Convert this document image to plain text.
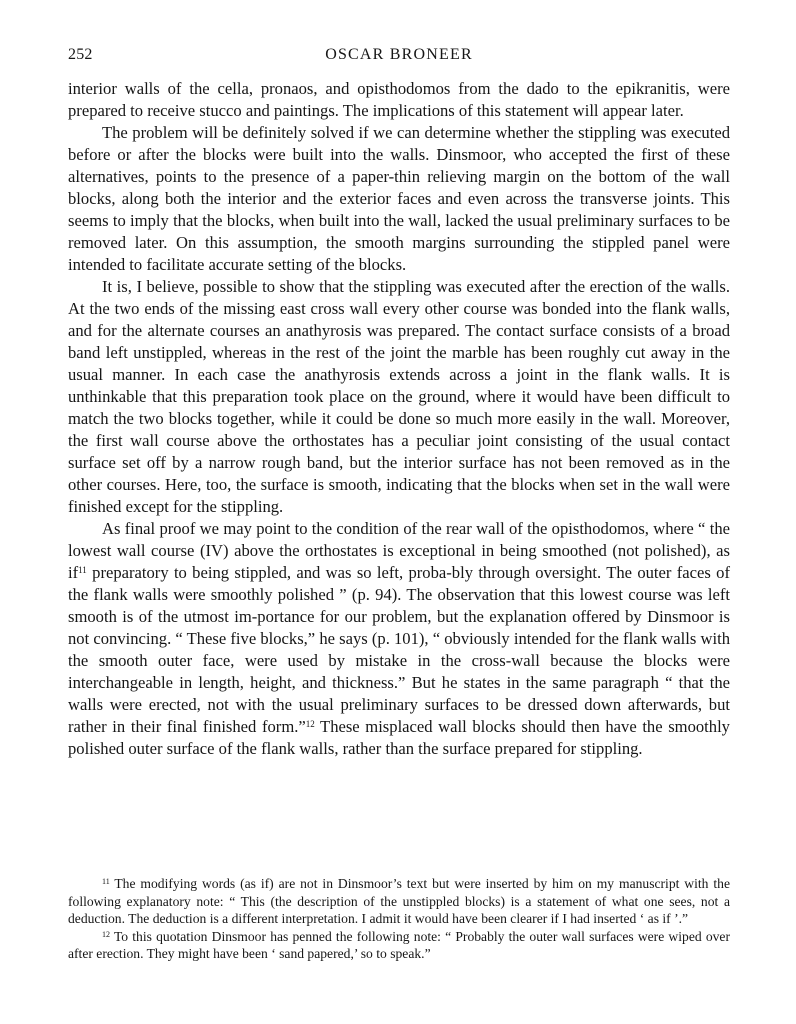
252	OSCAR BRONEER

interior walls of the cella, pronaos, and opisthodomos from the dado to the epikranitis, were prepared to receive stucco and paintings. The implications of this statement will appear later.

The problem will be definitely solved if we can determine whether the stippling was executed before or after the blocks were built into the walls. Dinsmoor, who accepted the first of these alternatives, points to the presence of a paper-thin relieving margin on the bottom of the wall blocks, along both the interior and the exterior faces and even across the transverse joints. This seems to imply that the blocks, when built into the wall, lacked the usual preliminary surfaces to be removed later. On this assumption, the smooth margins surrounding the stippled panel were intended to facilitate accurate setting of the blocks.

It is, I believe, possible to show that the stippling was executed after the erection of the walls. At the two ends of the missing east cross wall every other course was bonded into the flank walls, and for the alternate courses an anathyrosis was prepared. The contact surface consists of a broad band left unstippled, whereas in the rest of the joint the marble has been roughly cut away in the usual manner. In each case the anathyrosis extends across a joint in the flank walls. It is unthinkable that this preparation took place on the ground, where it would have been difficult to match the two blocks together, while it could be done so much more easily in the wall. Moreover, the first wall course above the orthostates has a peculiar joint consisting of the usual contact surface set off by a narrow rough band, but the interior surface has not been removed as in the other courses. Here, too, the surface is smooth, indicating that the blocks when set in the wall were finished except for the stippling.

As final proof we may point to the condition of the rear wall of the opisthodomos, where “ the lowest wall course (IV) above the orthostates is exceptional in being smoothed (not polished), as $if^{11}$ preparatory to being stippled, and was so left, proba-bly through oversight. The outer faces of the flank walls were smoothly polished ” (p. 94). The observation that this lowest course was left smooth is of the utmost im-portance for our problem, but the explanation offered by Dinsmoor is not convincing. “ These five blocks,” he says (p. 101), “ obviously intended for the flank walls with the smooth outer face, were used by mistake in the cross-wall because the blocks were interchangeable in length, height, and thickness.” But he states in the same paragraph “ that the walls were erected, not with the usual preliminary surfaces to be dressed down afterwards, but rather in their final finished form.”$^{12}$ These misplaced wall blocks should then have the smoothly polished outer surface of the flank walls, rather than the surface prepared for stippling.

$^{11}$ The modifying words (as if) are not in Dinsmoor’s text but were inserted by him on my manuscript with the following explanatory note: “ This (the description of the unstippled blocks) is a statement of what one sees, not a deduction. The deduction is a different interpretation. I admit it would have been clearer if I had inserted ‘ as if ’.”

$^{12}$ To this quotation Dinsmoor has penned the following note: “ Probably the outer wall surfaces were wiped over after erection. They might have been ‘ sand papered,’ so to speak.”
